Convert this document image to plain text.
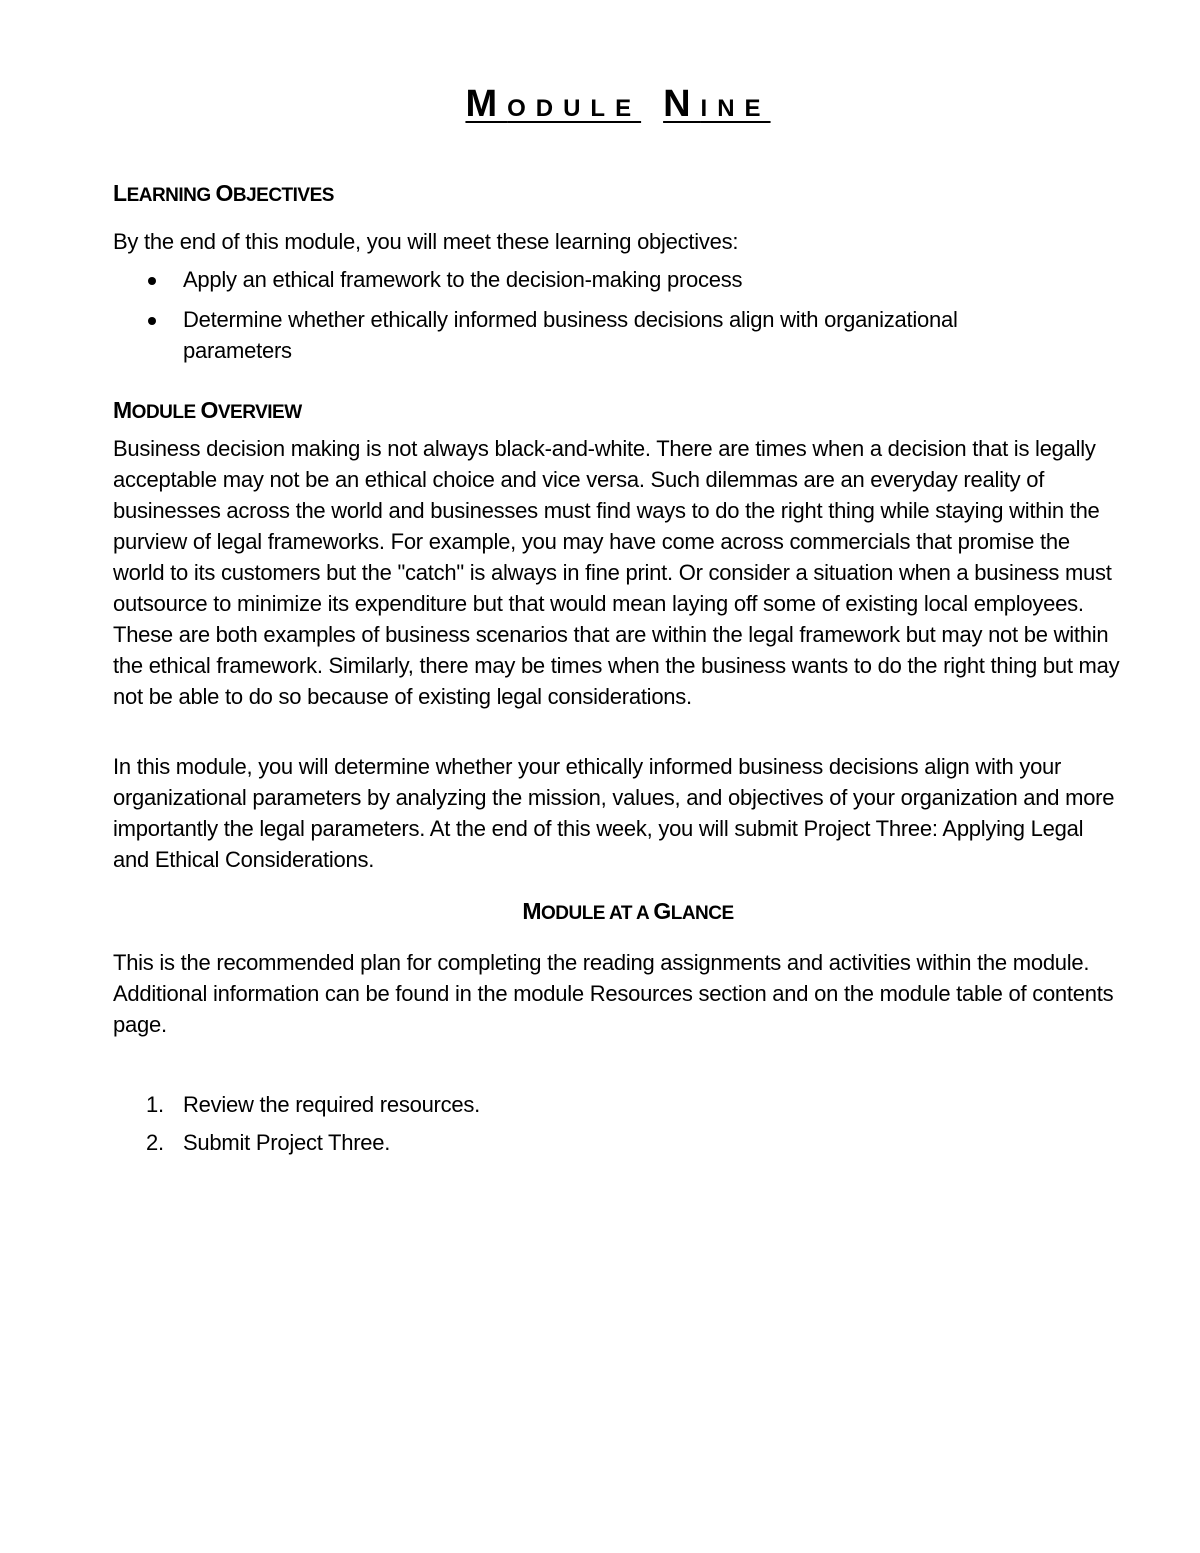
MODULE NINE
LEARNING OBJECTIVES
By the end of this module, you will meet these learning objectives:
Apply an ethical framework to the decision-making process
Determine whether ethically informed business decisions align with organizational parameters
MODULE OVERVIEW
Business decision making is not always black-and-white. There are times when a decision that is legally acceptable may not be an ethical choice and vice versa. Such dilemmas are an everyday reality of businesses across the world and businesses must find ways to do the right thing while staying within the purview of legal frameworks. For example, you may have come across commercials that promise the world to its customers but the "catch" is always in fine print. Or consider a situation when a business must outsource to minimize its expenditure but that would mean laying off some of existing local employees. These are both examples of business scenarios that are within the legal framework but may not be within the ethical framework. Similarly, there may be times when the business wants to do the right thing but may not be able to do so because of existing legal considerations.
In this module, you will determine whether your ethically informed business decisions align with your organizational parameters by analyzing the mission, values, and objectives of your organization and more importantly the legal parameters. At the end of this week, you will submit Project Three: Applying Legal and Ethical Considerations.
MODULE AT A GLANCE
This is the recommended plan for completing the reading assignments and activities within the module. Additional information can be found in the module Resources section and on the module table of contents page.
1. Review the required resources.
2. Submit Project Three.
